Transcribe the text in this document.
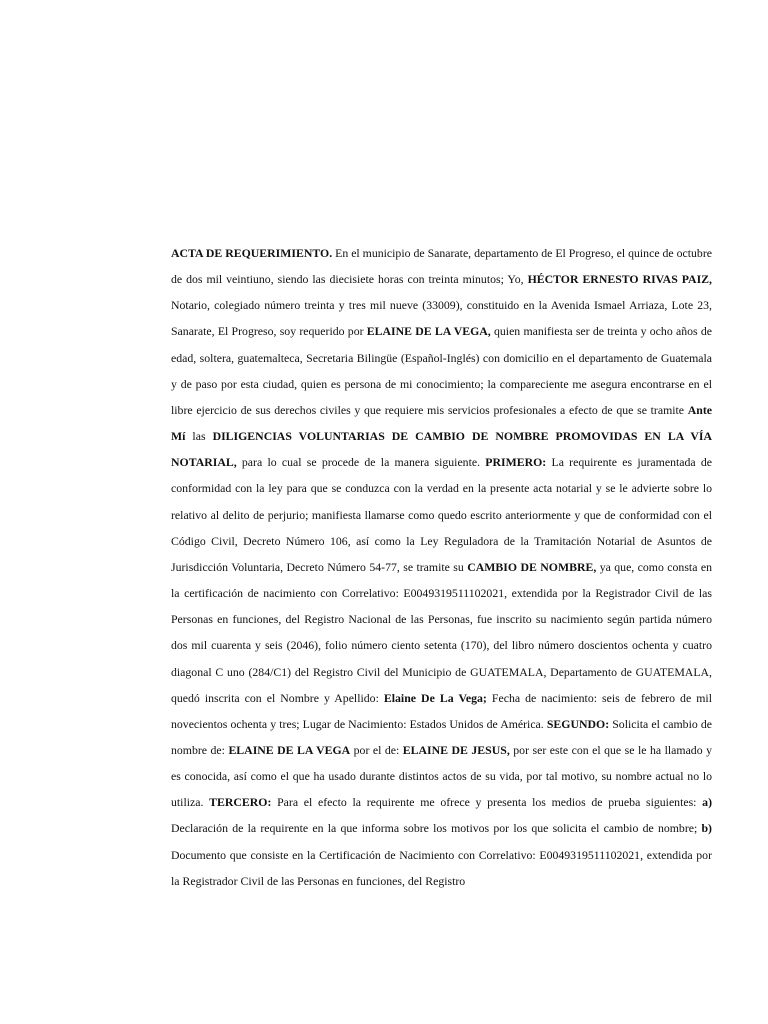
ACTA DE REQUERIMIENTO. En el municipio de Sanarate, departamento de El Progreso, el quince de octubre de dos mil veintiuno, siendo las diecisiete horas con treinta minutos; Yo, HÉCTOR ERNESTO RIVAS PAIZ, Notario, colegiado número treinta y tres mil nueve (33009), constituido en la Avenida Ismael Arriaza, Lote 23, Sanarate, El Progreso, soy requerido por ELAINE DE LA VEGA, quien manifiesta ser de treinta y ocho años de edad, soltera, guatemalteca, Secretaria Bilingüe (Español-Inglés) con domicilio en el departamento de Guatemala y de paso por esta ciudad, quien es persona de mi conocimiento; la compareciente me asegura encontrarse en el libre ejercicio de sus derechos civiles y que requiere mis servicios profesionales a efecto de que se tramite Ante Mí las DILIGENCIAS VOLUNTARIAS DE CAMBIO DE NOMBRE PROMOVIDAS EN LA VÍA NOTARIAL, para lo cual se procede de la manera siguiente. PRIMERO: La requirente es juramentada de conformidad con la ley para que se conduzca con la verdad en la presente acta notarial y se le advierte sobre lo relativo al delito de perjurio; manifiesta llamarse como quedo escrito anteriormente y que de conformidad con el Código Civil, Decreto Número 106, así como la Ley Reguladora de la Tramitación Notarial de Asuntos de Jurisdicción Voluntaria, Decreto Número 54-77, se tramite su CAMBIO DE NOMBRE, ya que, como consta en la certificación de nacimiento con Correlativo: E0049319511102021, extendida por la Registrador Civil de las Personas en funciones, del Registro Nacional de las Personas, fue inscrito su nacimiento según partida número dos mil cuarenta y seis (2046), folio número ciento setenta (170), del libro número doscientos ochenta y cuatro diagonal C uno (284/C1) del Registro Civil del Municipio de GUATEMALA, Departamento de GUATEMALA, quedó inscrita con el Nombre y Apellido: Elaine De La Vega; Fecha de nacimiento: seis de febrero de mil novecientos ochenta y tres; Lugar de Nacimiento: Estados Unidos de América. SEGUNDO: Solicita el cambio de nombre de: ELAINE DE LA VEGA por el de: ELAINE DE JESUS, por ser este con el que se le ha llamado y es conocida, así como el que ha usado durante distintos actos de su vida, por tal motivo, su nombre actual no lo utiliza. TERCERO: Para el efecto la requirente me ofrece y presenta los medios de prueba siguientes: a) Declaración de la requirente en la que informa sobre los motivos por los que solicita el cambio de nombre; b) Documento que consiste en la Certificación de Nacimiento con Correlativo: E0049319511102021, extendida por la Registrador Civil de las Personas en funciones, del Registro
